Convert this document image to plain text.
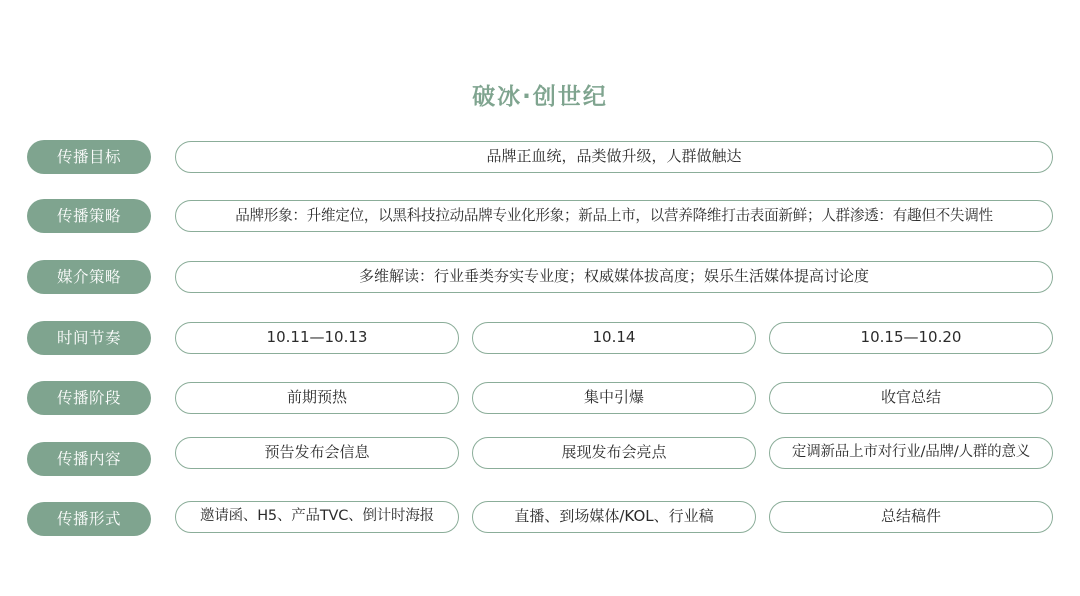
破冰·创世纪
传播目标	品牌正血统，品类做升级，人群做触达
传播策略	品牌形象：升维定位，以黑科技拉动品牌专业化形象；新品上市，以营养降维打击表面新鲜；人群渗透：有趣但不失调性
媒介策略	多维解读：行业垂类夯实专业度；权威媒体拔高度；娱乐生活媒体提高讨论度
时间节奏	10.11—10.13	10.14	10.15—10.20
传播阶段	前期预热	集中引爆	收官总结
传播内容	预告发布会信息	展现发布会亮点	定调新品上市对行业/品牌/人群的意义
传播形式	邀请函、H5、产品TVC、倒计时海报	直播、到场媒体/KOL、行业稿	总结稿件
